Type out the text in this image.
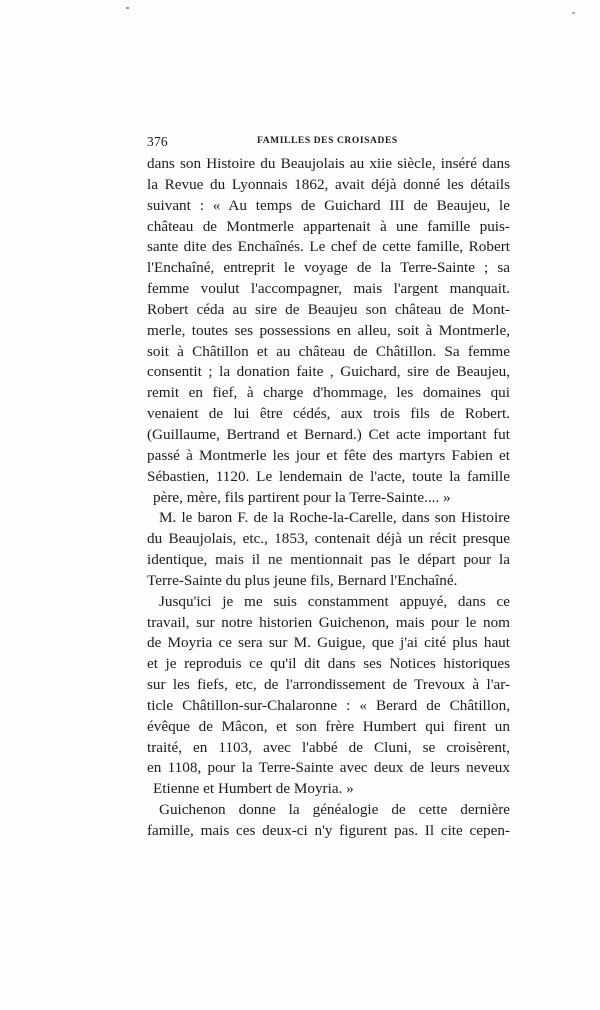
376	FAMILLES DES CROISADES
dans son Histoire du Beaujolais au xiie siècle, inséré dans
la Revue du Lyonnais 1862, avait déjà donné les détails
suivant : « Au temps de Guichard III de Beaujeu, le
château de Montmerle appartenait à une famille puis-
sante dite des Enchaînés. Le chef de cette famille, Robert
l'Enchaîné, entreprit le voyage de la Terre-Sainte ; sa
femme voulut l'accompagner, mais l'argent manquait.
Robert céda au sire de Beaujeu son château de Mont-
merle, toutes ses possessions en alleu, soit à Montmerle,
soit à Châtillon et au château de Châtillon. Sa femme
consentit ; la donation faite , Guichard, sire de Beaujeu,
remit en fief, à charge d'hommage, les domaines qui
venaient de lui être cédés, aux trois fils de Robert.
(Guillaume, Bertrand et Bernard.) Cet acte important fut
passé à Montmerle les jour et fête des martyrs Fabien et
Sébastien, 1120. Le lendemain de l'acte, toute la famille
père, mère, fils partirent pour la Terre-Sainte.... »
M. le baron F. de la Roche-la-Carelle, dans son Histoire
du Beaujolais, etc., 1853, contenait déjà un récit presque
identique, mais il ne mentionnait pas le départ pour la
Terre-Sainte du plus jeune fils, Bernard l'Enchaîné.
Jusqu'ici je me suis constamment appuyé, dans ce
travail, sur notre historien Guichenon, mais pour le nom
de Moyria ce sera sur M. Guigue, que j'ai cité plus haut
et je reproduis ce qu'il dit dans ses Notices historiques
sur les fiefs, etc, de l'arrondissement de Trevoux à l'ar-
ticle Châtillon-sur-Chalaronne : « Berard de Châtillon,
évêque de Mâcon, et son frère Humbert qui firent un
traité, en 1103, avec l'abbé de Cluni, se croisèrent,
en 1108, pour la Terre-Sainte avec deux de leurs neveux
Etienne et Humbert de Moyria. »
Guichenon donne la généalogie de cette dernière
famille, mais ces deux-ci n'y figurent pas. Il cite cepen-
